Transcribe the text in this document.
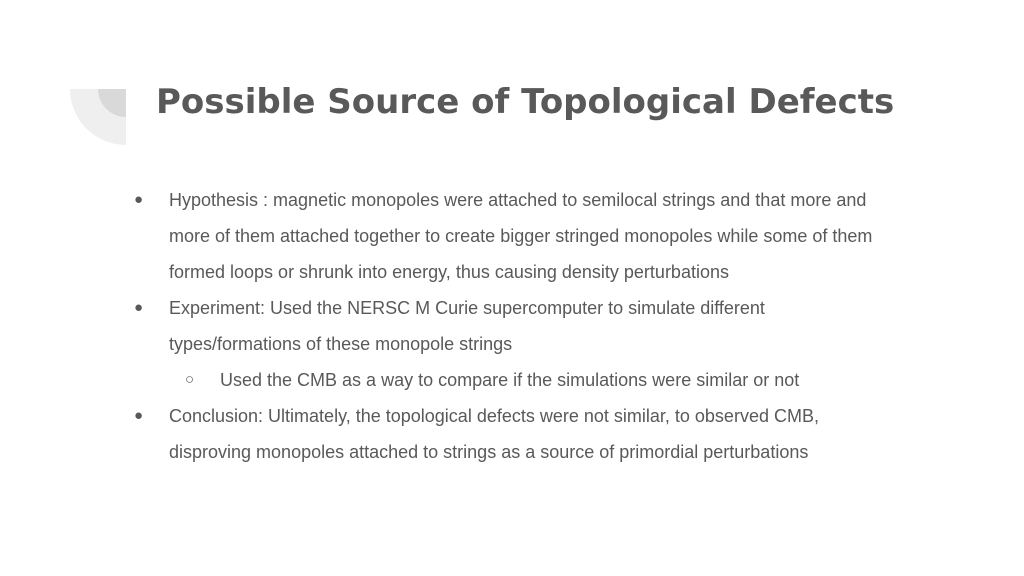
Possible Source of Topological Defects
● Hypothesis : magnetic monopoles were attached to semilocal strings and that more and more of them attached together to create bigger stringed monopoles while some of them formed loops or shrunk into energy, thus causing density perturbations
● Experiment: Used the NERSC M Curie supercomputer to simulate different types/formations of these monopole strings
○ Used the CMB as a way to compare if the simulations were similar or not
● Conclusion: Ultimately, the topological defects were not similar, to observed CMB, disproving monopoles attached to strings as a source of primordial perturbations
